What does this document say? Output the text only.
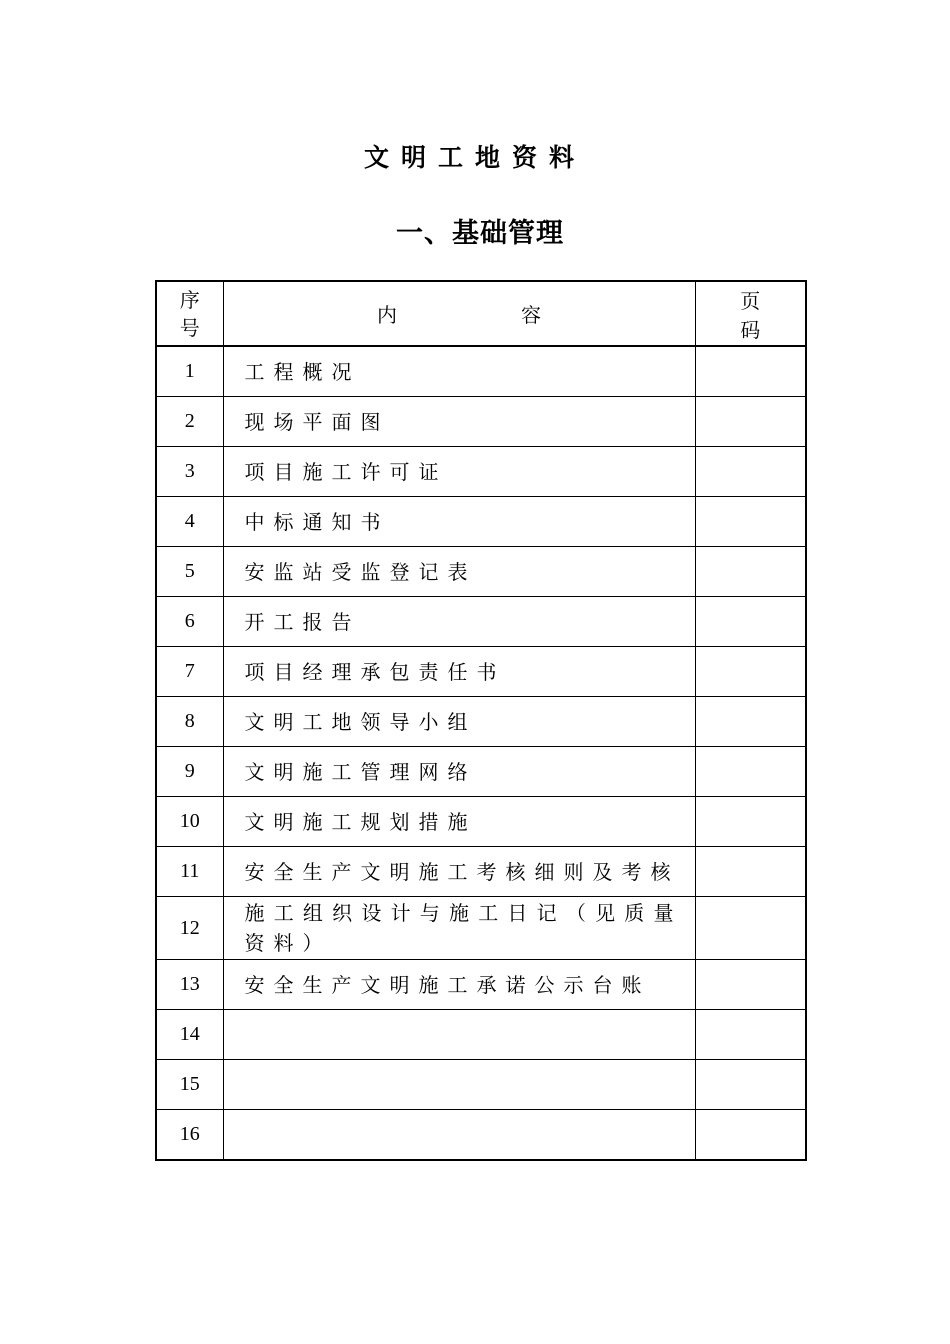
文明工地资料
一、基础管理
序号	内容	页码
1	工程概况	
2	现场平面图	
3	项目施工许可证	
4	中标通知书	
5	安监站受监登记表	
6	开工报告	
7	项目经理承包责任书	
8	文明工地领导小组	
9	文明施工管理网络	
10	文明施工规划措施	
11	安全生产文明施工考核细则及考核	
12	施工组织设计与施工日记（见质量资料）	
13	安全生产文明施工承诺公示台账	
14		
15		
16		
